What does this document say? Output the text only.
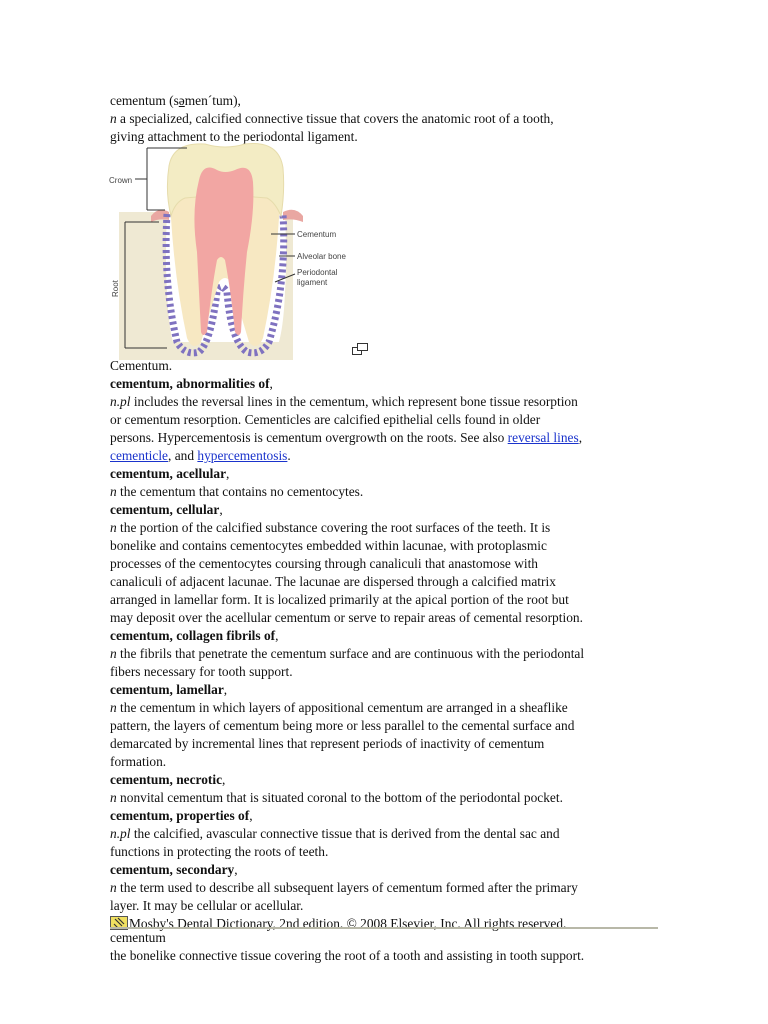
cementum (səmen´tum),
n a specialized, calcified connective tissue that covers the anatomic root of a tooth,
giving attachment to the periodontal ligament.
Crown
Root
Cementum
Alveolar bone
Periodontal
ligament
Cementum.
cementum, abnormalities of,
n.pl includes the reversal lines in the cementum, which represent bone tissue resorption
or cementum resorption. Cementicles are calcified epithelial cells found in older
persons. Hypercementosis is cementum overgrowth on the roots. See also reversal lines,
cementicle, and hypercementosis.
cementum, acellular,
n the cementum that contains no cementocytes.
cementum, cellular,
n the portion of the calcified substance covering the root surfaces of the teeth. It is
bonelike and contains cementocytes embedded within lacunae, with protoplasmic
processes of the cementocytes coursing through canaliculi that anastomose with
canaliculi of adjacent lacunae. The lacunae are dispersed through a calcified matrix
arranged in lamellar form. It is localized primarily at the apical portion of the root but
may deposit over the acellular cementum or serve to repair areas of cemental resorption.
cementum, collagen fibrils of,
n the fibrils that penetrate the cementum surface and are continuous with the periodontal
fibers necessary for tooth support.
cementum, lamellar,
n the cementum in which layers of appositional cementum are arranged in a sheaflike
pattern, the layers of cementum being more or less parallel to the cemental surface and
demarcated by incremental lines that represent periods of inactivity of cementum
formation.
cementum, necrotic,
n nonvital cementum that is situated coronal to the bottom of the periodontal pocket.
cementum, properties of,
n.pl the calcified, avascular connective tissue that is derived from the dental sac and
functions in protecting the roots of teeth.
cementum, secondary,
n the term used to describe all subsequent layers of cementum formed after the primary
layer. It may be cellular or acellular.
Mosby's Dental Dictionary, 2nd edition. © 2008 Elsevier, Inc. All rights reserved.
cementum
the bonelike connective tissue covering the root of a tooth and assisting in tooth support.
